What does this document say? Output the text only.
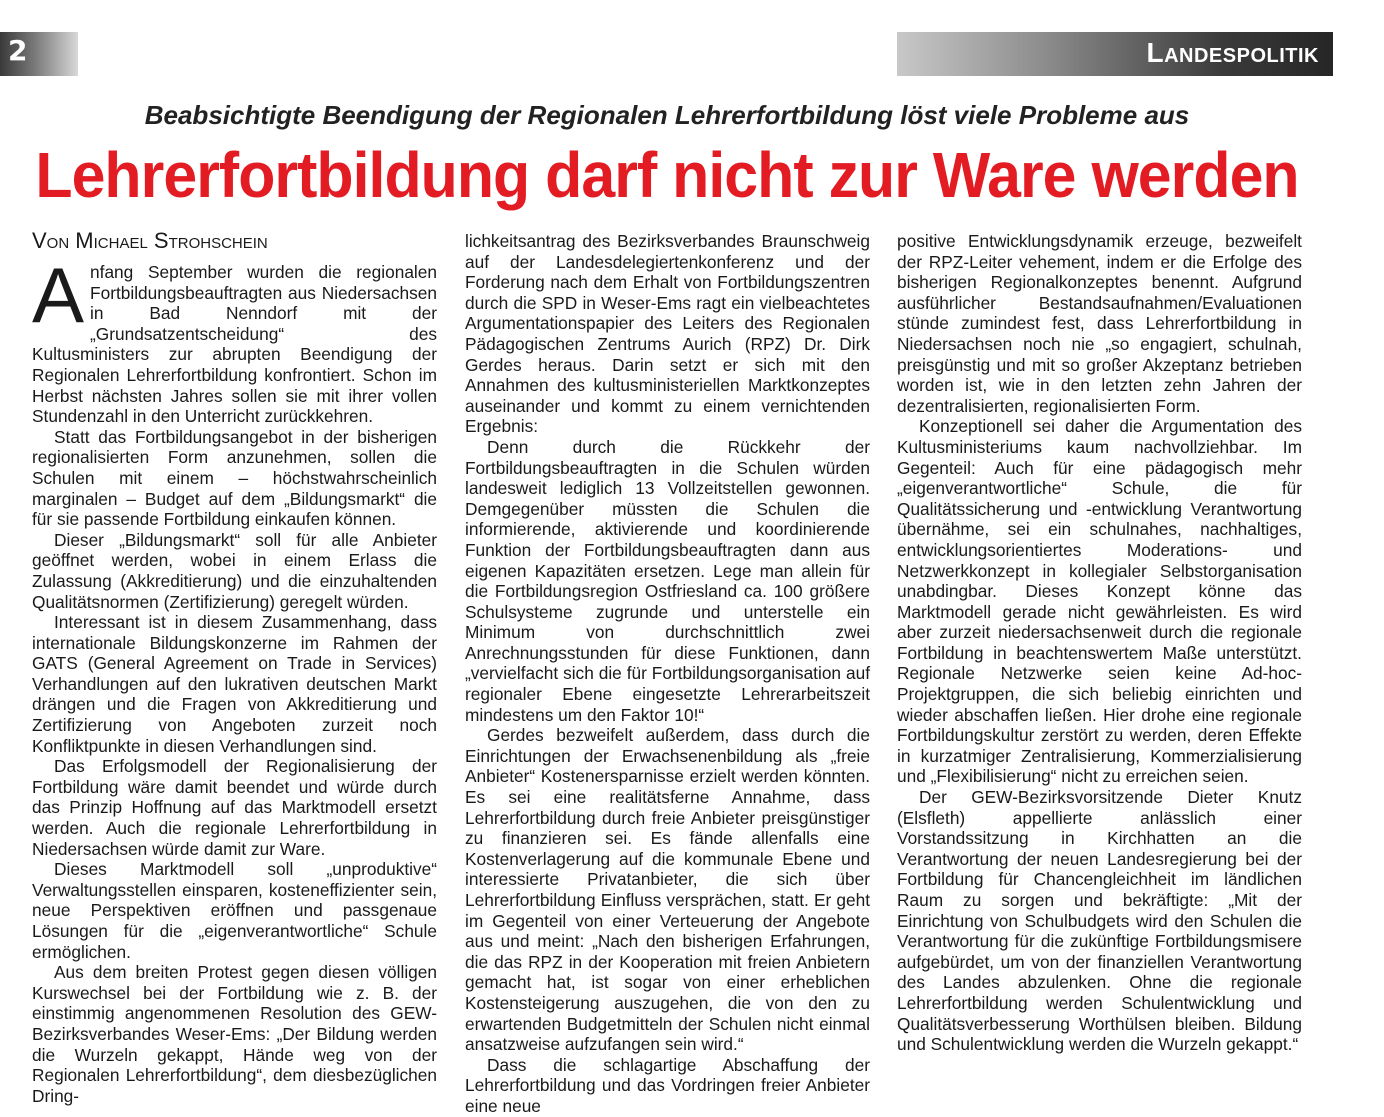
2	Landespolitik
Beabsichtigte Beendigung der Regionalen Lehrerfortbildung löst viele Probleme aus
Lehrerfortbildung darf nicht zur Ware werden
Von Michael Strohschein

Anfang September wurden die regionalen Fortbildungsbeauftragten aus Niedersachsen in Bad Nenndorf mit der „Grundsatzentscheidung“ des Kultusministers zur abrupten Beendigung der Regionalen Lehrerfortbildung konfrontiert. Schon im Herbst nächsten Jahres sollen sie mit ihrer vollen Stundenzahl in den Unterricht zurückkehren.

Statt das Fortbildungsangebot in der bisherigen regionalisierten Form anzunehmen, sollen die Schulen mit einem – höchstwahrscheinlich marginalen – Budget auf dem „Bildungsmarkt“ die für sie passende Fortbildung einkaufen können.

Dieser „Bildungsmarkt“ soll für alle Anbieter geöffnet werden, wobei in einem Erlass die Zulassung (Akkreditierung) und die einzuhaltenden Qualitätsnormen (Zertifizierung) geregelt würden.

Interessant ist in diesem Zusammenhang, dass internationale Bildungskonzerne im Rahmen der GATS (General Agreement on Trade in Services) Verhandlungen auf den lukrativen deutschen Markt drängen und die Fragen von Akkreditierung und Zertifizierung von Angeboten zurzeit noch Konfliktpunkte in diesen Verhandlungen sind.

Das Erfolgsmodell der Regionalisierung der Fortbildung wäre damit beendet und würde durch das Prinzip Hoffnung auf das Marktmodell ersetzt werden. Auch die regionale Lehrerfortbildung in Niedersachsen würde damit zur Ware.

Dieses Marktmodell soll „unproduktive“ Verwaltungsstellen einsparen, kosteneffizienter sein, neue Perspektiven eröffnen und passgenaue Lösungen für die „eigenverantwortliche“ Schule ermöglichen.

Aus dem breiten Protest gegen diesen völligen Kurswechsel bei der Fortbildung wie z. B. der einstimmig angenommenen Resolution des GEW-Bezirksverbandes Weser-Ems: „Der Bildung werden die Wurzeln gekappt, Hände weg von der Regionalen Lehrerfortbildung“, dem diesbezüglichen Dring-

lichkeitsantrag des Bezirksverbandes Braunschweig auf der Landesdelegiertenkonferenz und der Forderung nach dem Erhalt von Fortbildungszentren durch die SPD in Weser-Ems ragt ein vielbeachtetes Argumentationspapier des Leiters des Regionalen Pädagogischen Zentrums Aurich (RPZ) Dr. Dirk Gerdes heraus. Darin setzt er sich mit den Annahmen des kultusministeriellen Marktkonzeptes auseinander und kommt zu einem vernichtenden Ergebnis:

Denn durch die Rückkehr der Fortbildungsbeauftragten in die Schulen würden landesweit lediglich 13 Vollzeitstellen gewonnen. Demgegenüber müssten die Schulen die informierende, aktivierende und koordinierende Funktion der Fortbildungsbeauftragten dann aus eigenen Kapazitäten ersetzen. Lege man allein für die Fortbildungsregion Ostfriesland ca. 100 größere Schulsysteme zugrunde und unterstelle ein Minimum von durchschnittlich zwei Anrechnungsstunden für diese Funktionen, dann „vervielfacht sich die für Fortbildungsorganisation auf regionaler Ebene eingesetzte Lehrerarbeitszeit mindestens um den Faktor 10!“

Gerdes bezweifelt außerdem, dass durch die Einrichtungen der Erwachsenenbildung als „freie Anbieter“ Kostenersparnisse erzielt werden könnten. Es sei eine realitätsferne Annahme, dass Lehrerfortbildung durch freie Anbieter preisgünstiger zu finanzieren sei. Es fände allenfalls eine Kostenverlagerung auf die kommunale Ebene und interessierte Privatanbieter, die sich über Lehrerfortbildung Einfluss versprächen, statt. Er geht im Gegenteil von einer Verteuerung der Angebote aus und meint: „Nach den bisherigen Erfahrungen, die das RPZ in der Kooperation mit freien Anbietern gemacht hat, ist sogar von einer erheblichen Kostensteigerung auszugehen, die von den zu erwartenden Budgetmitteln der Schulen nicht einmal ansatzweise aufzufangen sein wird.“

Dass die schlagartige Abschaffung der Lehrerfortbildung und das Vordringen freier Anbieter eine neue

positive Entwicklungsdynamik erzeuge, bezweifelt der RPZ-Leiter vehement, indem er die Erfolge des bisherigen Regionalkonzeptes benennt. Aufgrund ausführlicher Bestandsaufnahmen/Evaluationen stünde zumindest fest, dass Lehrerfortbildung in Niedersachsen noch nie „so engagiert, schulnah, preisgünstig und mit so großer Akzeptanz betrieben worden ist, wie in den letzten zehn Jahren der dezentralisierten, regionalisierten Form.

Konzeptionell sei daher die Argumentation des Kultusministeriums kaum nachvollziehbar. Im Gegenteil: Auch für eine pädagogisch mehr „eigenverantwortliche“ Schule, die für Qualitätssicherung und -entwicklung Verantwortung übernähme, sei ein schulnahes, nachhaltiges, entwicklungsorientiertes Moderations- und Netzwerkkonzept in kollegialer Selbstorganisation unabdingbar. Dieses Konzept könne das Marktmodell gerade nicht gewährleisten. Es wird aber zurzeit niedersachsenweit durch die regionale Fortbildung in beachtenswertem Maße unterstützt. Regionale Netzwerke seien keine Ad-hoc-Projektgruppen, die sich beliebig einrichten und wieder abschaffen ließen. Hier drohe eine regionale Fortbildungskultur zerstört zu werden, deren Effekte in kurzatmiger Zentralisierung, Kommerzialisierung und „Flexibilisierung“ nicht zu erreichen seien.

Der GEW-Bezirksvorsitzende Dieter Knutz (Elsfleth) appellierte anlässlich einer Vorstandssitzung in Kirchhatten an die Verantwortung der neuen Landesregierung bei der Fortbildung für Chancengleichheit im ländlichen Raum zu sorgen und bekräftigte: „Mit der Einrichtung von Schulbudgets wird den Schulen die Verantwortung für die zukünftige Fortbildungsmisere aufgebürdet, um von der finanziellen Verantwortung des Landes abzulenken. Ohne die regionale Lehrerfortbildung werden Schulentwicklung und Qualitätsverbesserung Worthülsen bleiben. Bildung und Schulentwicklung werden die Wurzeln gekappt.“
